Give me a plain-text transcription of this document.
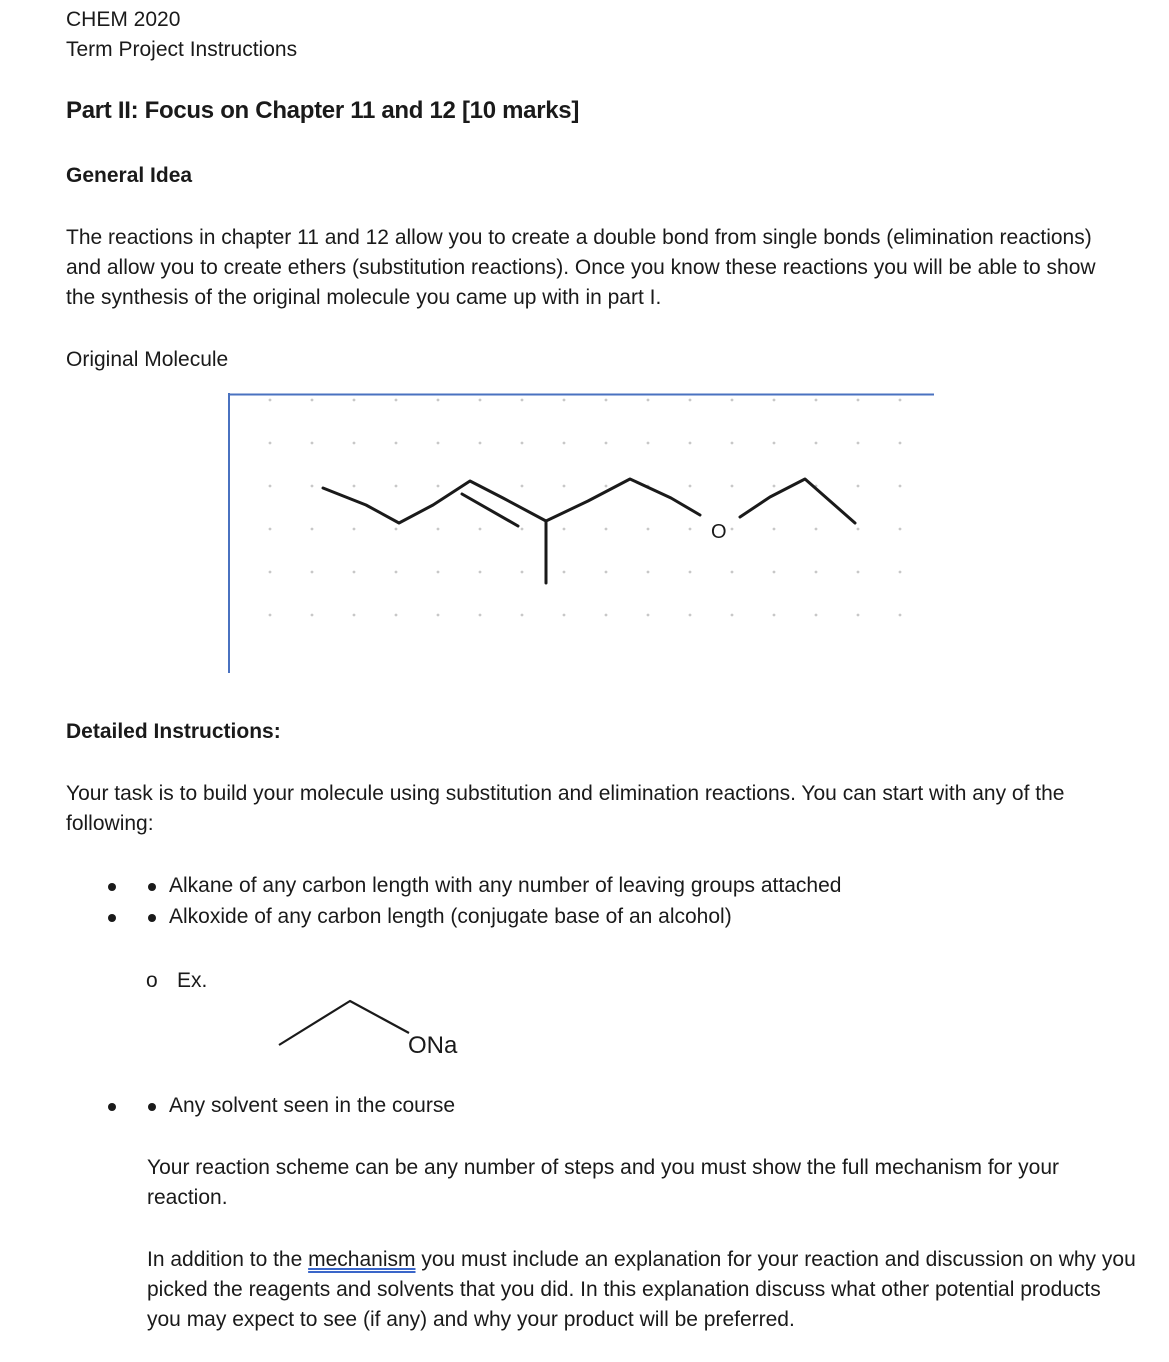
CHEM 2020
Term Project Instructions
Part II: Focus on Chapter 11 and 12 [10 marks]
General Idea
The reactions in chapter 11 and 12 allow you to create a double bond from single bonds (elimination reactions) and allow you to create ethers (substitution reactions). Once you know these reactions you will be able to show the synthesis of the original molecule you came up with in part I.
Original Molecule
O
Detailed Instructions:
Your task is to build your molecule using substitution and elimination reactions. You can start with any of the following:
Alkane of any carbon length with any number of leaving groups attached
Alkoxide of any carbon length (conjugate base of an alcohol)
o Ex.
ONa
Any solvent seen in the course
Your reaction scheme can be any number of steps and you must show the full mechanism for your reaction.
In addition to the mechanism you must include an explanation for your reaction and discussion on why you picked the reagents and solvents that you did. In this explanation discuss what other potential products you may expect to see (if any) and why your product will be preferred.
